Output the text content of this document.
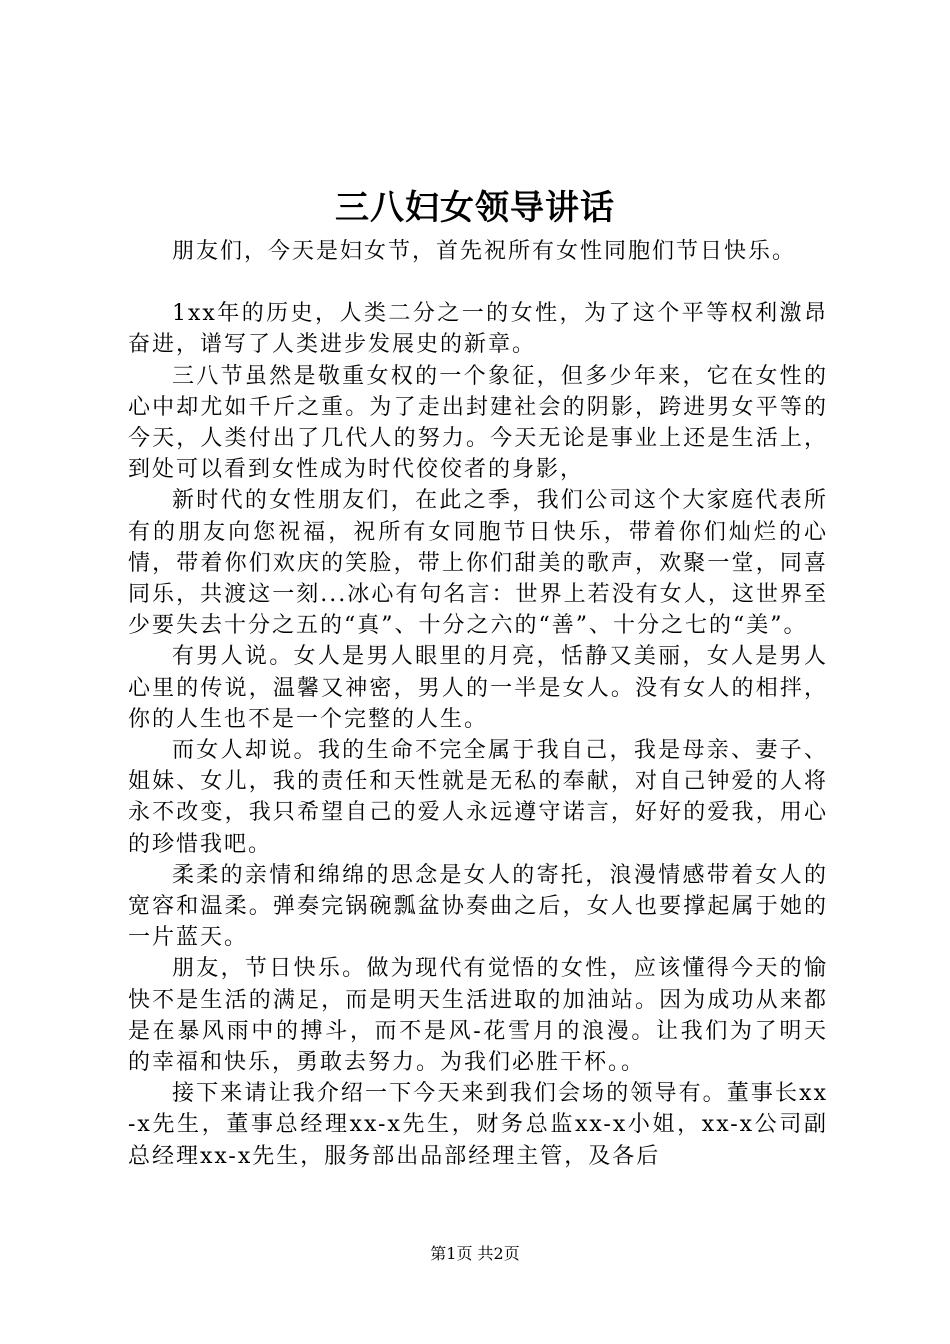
三八妇女领导讲话

朋友们，今天是妇女节，首先祝所有女性同胞们节日快乐。

1xx年的历史，人类二分之一的女性，为了这个平等权利激昂奋进，谱写了人类进步发展史的新章。

三八节虽然是敬重女权的一个象征，但多少年来，它在女性的心中却尤如千斤之重。为了走出封建社会的阴影，跨进男女平等的今天，人类付出了几代人的努力。今天无论是事业上还是生活上，到处可以看到女性成为时代佼佼者的身影，

新时代的女性朋友们，在此之季，我们公司这个大家庭代表所有的朋友向您祝福，祝所有女同胞节日快乐，带着你们灿烂的心情，带着你们欢庆的笑脸，带上你们甜美的歌声，欢聚一堂，同喜同乐，共渡这一刻...冰心有句名言：世界上若没有女人，这世界至少要失去十分之五的“真”、十分之六的“善”、十分之七的“美”。

有男人说。女人是男人眼里的月亮，恬静又美丽，女人是男人心里的传说，温馨又神密，男人的一半是女人。没有女人的相拌，你的人生也不是一个完整的人生。

而女人却说。我的生命不完全属于我自己，我是母亲、妻子、姐妹、女儿，我的责任和天性就是无私的奉献，对自己钟爱的人将永不改变，我只希望自己的爱人永远遵守诺言，好好的爱我，用心的珍惜我吧。

柔柔的亲情和绵绵的思念是女人的寄托，浪漫情感带着女人的宽容和温柔。弹奏完锅碗瓢盆协奏曲之后，女人也要撑起属于她的一片蓝天。

朋友，节日快乐。做为现代有觉悟的女性，应该懂得今天的愉快不是生活的满足，而是明天生活进取的加油站。因为成功从来都是在暴风雨中的搏斗，而不是风-花雪月的浪漫。让我们为了明天的幸福和快乐，勇敢去努力。为我们必胜干杯。。

接下来请让我介绍一下今天来到我们会场的领导有。董事长xx-x先生，董事总经理xx-x先生，财务总监xx-x小姐，xx-x公司副总经理xx-x先生，服务部出品部经理主管，及各后

第1页 共2页
